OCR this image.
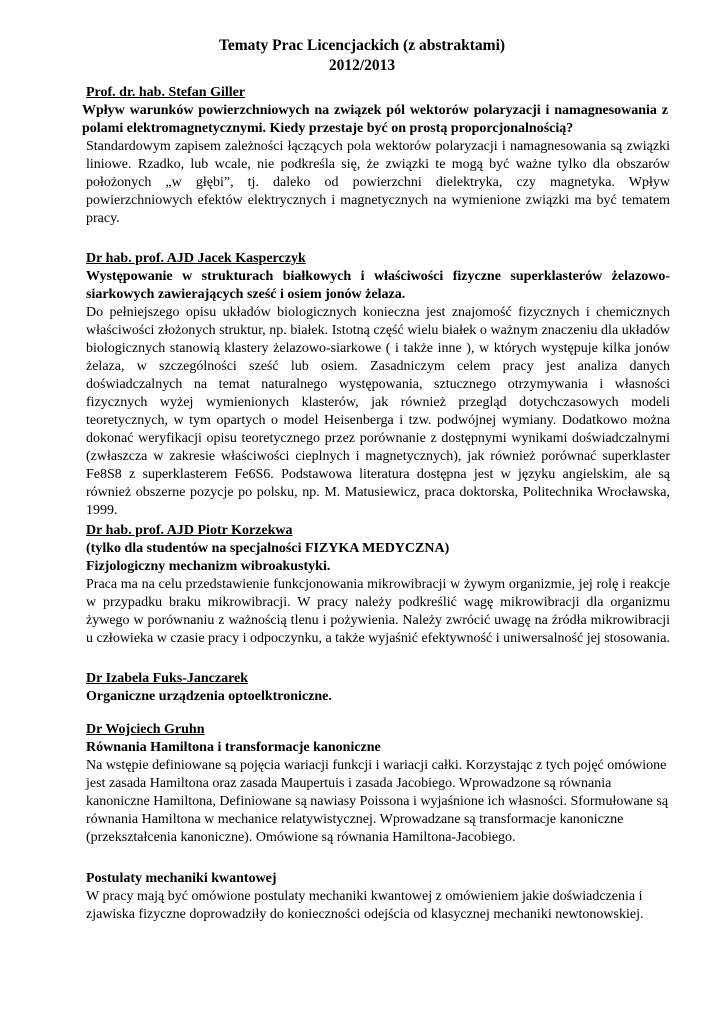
Tematy Prac Licencjackich (z abstraktami)
2012/2013
Prof. dr. hab. Stefan Giller
Wpływ warunków powierzchniowych na związek pól wektorów polaryzacji i namagnesowania z polami elektromagnetycznymi. Kiedy przestaje być on prostą proporcjonalnością?
Standardowym zapisem zależności łączących pola wektorów polaryzacji i namagnesowania są związki liniowe. Rzadko, lub wcale, nie podkreśla się, że związki te mogą być ważne tylko dla obszarów położonych „w głębi”, tj. daleko od powierzchni dielektryka, czy magnetyka. Wpływ powierzchniowych efektów elektrycznych i magnetycznych na wymienione związki ma być tematem pracy.
Dr hab. prof. AJD Jacek Kasperczyk
Występowanie w strukturach białkowych i właściwości fizyczne superklasterów żelazowo-siarkowych zawierających sześć i osiem jonów żelaza.
Do pełniejszego opisu układów biologicznych konieczna jest znajomość fizycznych i chemicznych właściwości złożonych struktur, np. białek. Istotną część wielu białek o ważnym znaczeniu dla układów biologicznych stanowią klastery żelazowo-siarkowe ( i także inne ), w których występuje kilka jonów żelaza, w szczególności sześć lub osiem. Zasadniczym celem pracy jest analiza danych doświadczalnych na temat naturalnego występowania, sztucznego otrzymywania i własności fizycznych wyżej wymienionych klasterów, jak również przegląd dotychczasowych modeli teoretycznych, w tym opartych o model Heisenberga i tzw. podwójnej wymiany. Dodatkowo można dokonać weryfikacji opisu teoretycznego przez porównanie z dostępnymi wynikami doświadczalnymi (zwłaszcza w zakresie właściwości cieplnych i magnetycznych), jak również porównać superklaster Fe8S8 z superklasterem Fe6S6. Podstawowa literatura dostępna jest w języku angielskim, ale są również obszerne pozycje po polsku, np. M. Matusiewicz, praca doktorska, Politechnika Wrocławska, 1999.
Dr hab. prof. AJD Piotr Korzekwa
(tylko dla studentów na specjalności FIZYKA MEDYCZNA)
Fizjologiczny mechanizm wibroakustyki.
Praca ma na celu przedstawienie funkcjonowania mikrowibracji w żywym organizmie, jej rolę i reakcje w przypadku braku mikrowibracji. W pracy należy podkreślić wagę mikrowibracji dla organizmu żywego w porównaniu z ważnością tlenu i pożywienia. Należy zwrócić uwagę na źródła mikrowibracji u człowieka w czasie pracy i odpoczynku, a także wyjaśnić efektywność i uniwersalność jej stosowania.
Dr Izabela Fuks-Janczarek
Organiczne urządzenia optoelktroniczne.
Dr Wojciech Gruhn
Równania Hamiltona i transformacje kanoniczne
Na wstępie definiowane są pojęcia wariacji funkcji i wariacji całki. Korzystając z tych pojęć omówione jest zasada Hamiltona oraz zasada Maupertuis i zasada Jacobiego. Wprowadzone są równania kanoniczne Hamiltona, Definiowane są nawiasy Poissona i wyjaśnione ich własności. Sformułowane są równania Hamiltona w mechanice relatywistycznej. Wprowadzane są transformacje kanoniczne (przekształcenia kanoniczne). Omówione są równania Hamiltona-Jacobiego.
Postulaty mechaniki kwantowej
W pracy mają być omówione postulaty mechaniki kwantowej z omówieniem jakie doświadczenia i zjawiska fizyczne doprowadziły do konieczności odejścia od klasycznej mechaniki newtonowskiej.
